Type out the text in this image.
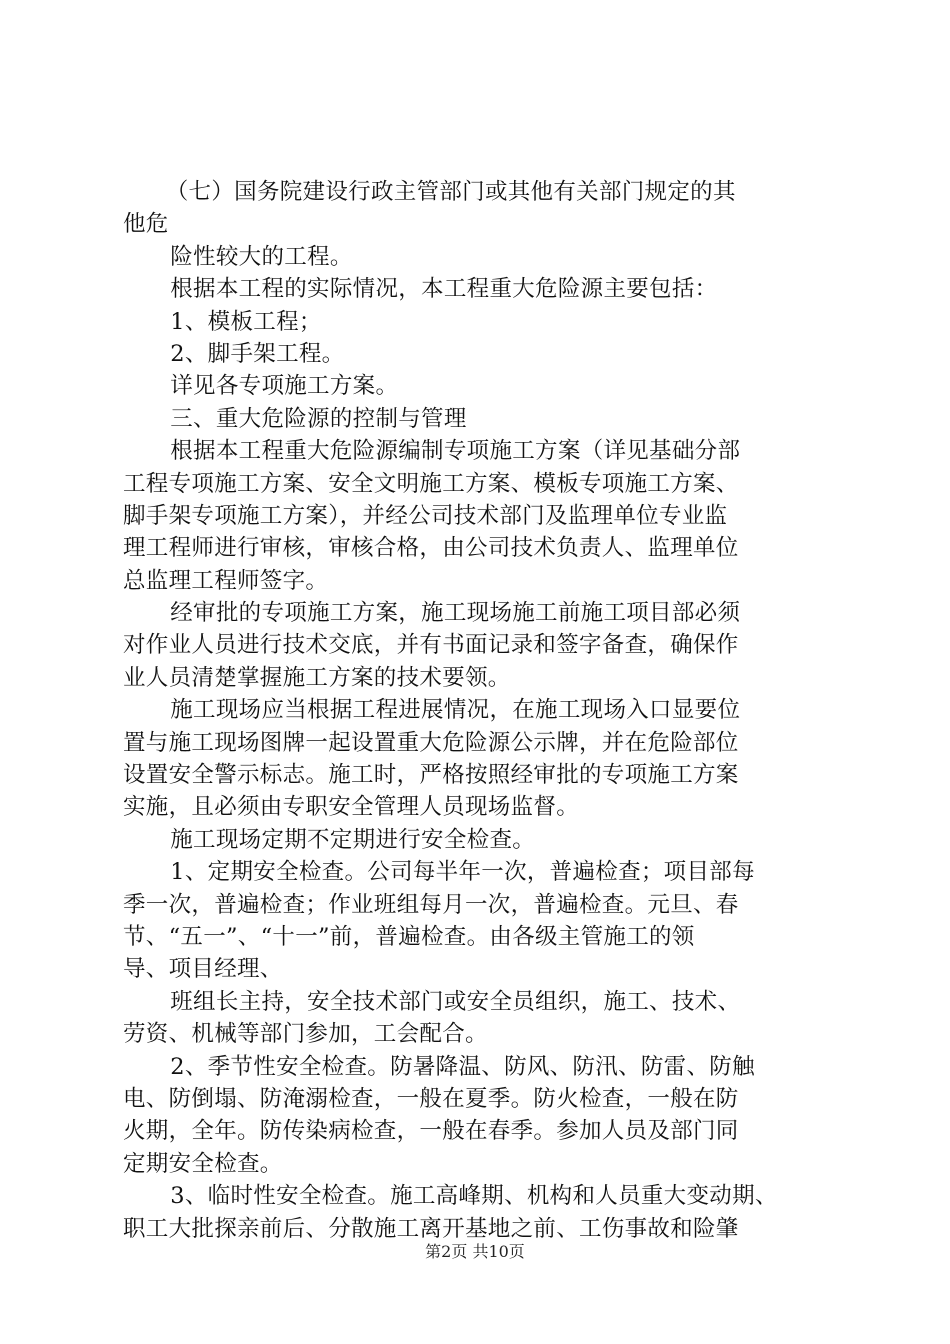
（七）国务院建设行政主管部门或其他有关部门规定的其
他危
险性较大的工程。
根据本工程的实际情况，本工程重大危险源主要包括：
1、模板工程；
2、脚手架工程。
详见各专项施工方案。
三、重大危险源的控制与管理
根据本工程重大危险源编制专项施工方案（详见基础分部
工程专项施工方案、安全文明施工方案、模板专项施工方案、
脚手架专项施工方案），并经公司技术部门及监理单位专业监
理工程师进行审核，审核合格，由公司技术负责人、监理单位
总监理工程师签字。
经审批的专项施工方案，施工现场施工前施工项目部必须
对作业人员进行技术交底，并有书面记录和签字备查，确保作
业人员清楚掌握施工方案的技术要领。
施工现场应当根据工程进展情况，在施工现场入口显要位
置与施工现场图牌一起设置重大危险源公示牌，并在危险部位
设置安全警示标志。施工时，严格按照经审批的专项施工方案
实施，且必须由专职安全管理人员现场监督。
施工现场定期不定期进行安全检查。
1、定期安全检查。公司每半年一次，普遍检查；项目部每
季一次，普遍检查；作业班组每月一次，普遍检查。元旦、春
节、“五一”、“十一”前，普遍检查。由各级主管施工的领
导、项目经理、
班组长主持，安全技术部门或安全员组织，施工、技术、
劳资、机械等部门参加，工会配合。
2、季节性安全检查。防暑降温、防风、防汛、防雷、防触
电、防倒塌、防淹溺检查，一般在夏季。防火检查，一般在防
火期，全年。防传染病检查，一般在春季。参加人员及部门同
定期安全检查。
3、临时性安全检查。施工高峰期、机构和人员重大变动期、
职工大批探亲前后、分散施工离开基地之前、工伤事故和险肇
第2页 共10页
